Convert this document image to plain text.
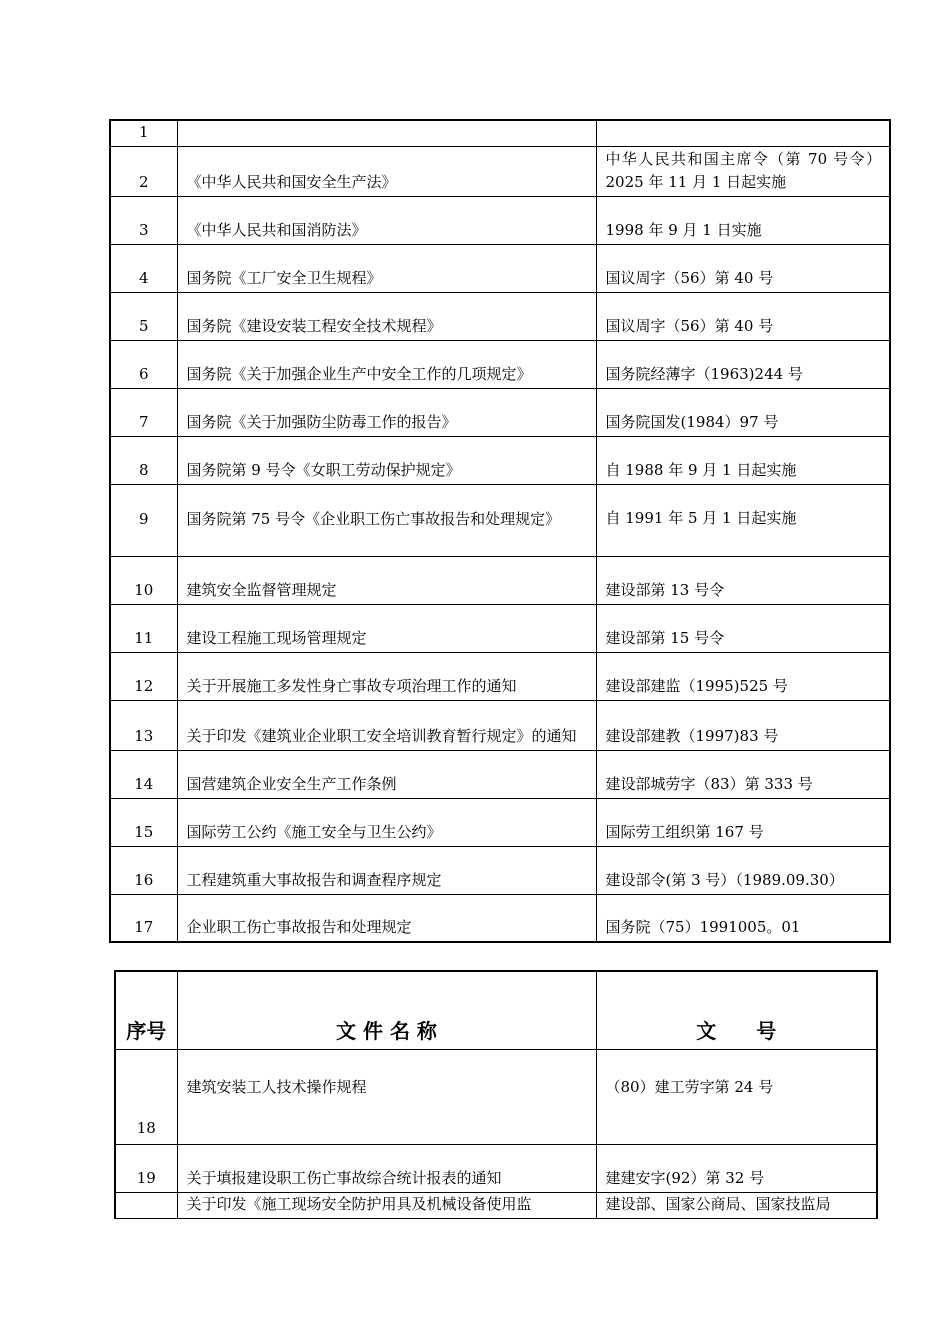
1		
2	《中华人民共和国安全生产法》	中华人民共和国主席令（第 70 号令）2025 年 11 月 1 日起实施
3	《中华人民共和国消防法》	1998 年 9 月 1 日实施
4	国务院《工厂安全卫生规程》	国议周字（56）第 40 号
5	国务院《建设安装工程安全技术规程》	国议周字（56）第 40 号
6	国务院《关于加强企业生产中安全工作的几项规定》	国务院经薄字（1963)244 号
7	国务院《关于加强防尘防毒工作的报告》	国务院国发(1984）97 号
8	国务院第 9 号令《女职工劳动保护规定》	自 1988 年 9 月 1 日起实施
9	国务院第 75 号令《企业职工伤亡事故报告和处理规定》	自 1991 年 5 月 1 日起实施
10	建筑安全监督管理规定	建设部第 13 号令
11	建设工程施工现场管理规定	建设部第 15 号令
12	关于开展施工多发性身亡事故专项治理工作的通知	建设部建监（1995)525 号
13	关于印发《建筑业企业职工安全培训教育暂行规定》的通知	建设部建教（1997)83 号
14	国营建筑企业安全生产工作条例	建设部城劳字（83）第 333 号
15	国际劳工公约《施工安全与卫生公约》	国际劳工组织第 167 号
16	工程建筑重大事故报告和调查程序规定	建设部令(第 3 号）（1989.09.30）
17	企业职工伤亡事故报告和处理规定	国务院（75）1991005。01
序号	文 件 名 称	文　　号
18	建筑安装工人技术操作规程	（80）建工劳字第 24 号
19	关于填报建设职工伤亡事故综合统计报表的通知	建建安字(92）第 32 号
	关于印发《施工现场安全防护用具及机械设备使用监	建设部、国家公商局、国家技监局
